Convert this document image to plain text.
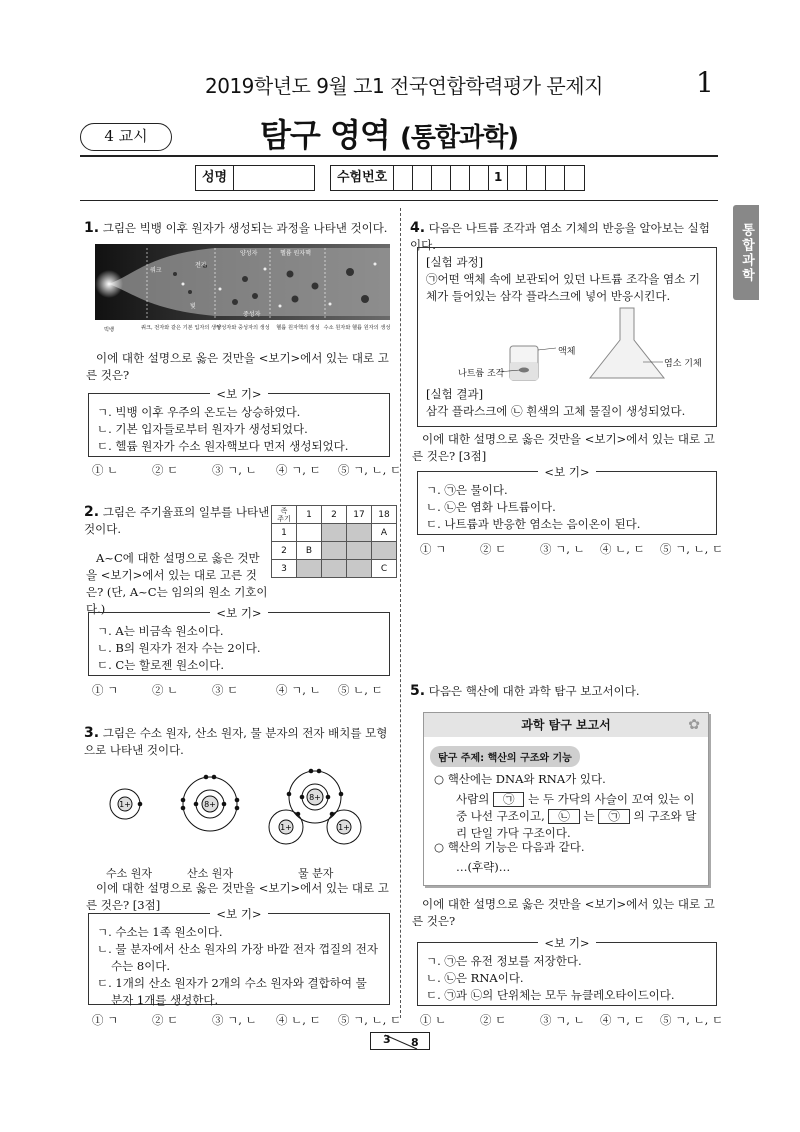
2019학년도 9월 고1 전국연합학력평가 문제지	1
4 교시	탐구 영역 (통합과학)
성명	수험번호	1
통합과학
1. 그림은 빅뱅 이후 원자가 생성되는 과정을 나타낸 것이다.
쿼크
전자
양성자	헬륨 원자핵
빛
중성자
빅뱅	쿼크, 전자와 같은 기본 입자의 생성
양성자와 중성자의 생성 헬륨 원자핵의 생성 수소 원자와 헬륨 원자의 생성
이에 대한 설명으로 옳은 것만을 <보기>에서 있는 대로 고른 것은?
<보 기>
ㄱ. 빅뱅 이후 우주의 온도는 상승하였다.
ㄴ. 기본 입자들로부터 원자가 생성되었다.
ㄷ. 헬륨 원자가 수소 원자핵보다 먼저 생성되었다.
① ㄴ	② ㄷ	③ ㄱ, ㄴ	④ ㄱ, ㄷ	⑤ ㄱ, ㄴ, ㄷ
2. 그림은 주기율표의 일부를 나타낸 것이다.
족
주기	1	2	17	18
1				A
2	B			
3				C
A~C에 대한 설명으로 옳은 것만을 <보기>에서 있는 대로 고른 것은? (단, A~C는 임의의 원소 기호이다.)	<보 기>
ㄱ. A는 비금속 원소이다.
ㄴ. B의 원자가 전자 수는 2이다.
ㄷ. C는 할로젠 원소이다.
① ㄱ	② ㄴ	③ ㄷ	④ ㄱ, ㄴ	⑤ ㄴ, ㄷ
3. 그림은 수소 원자, 산소 원자, 물 분자의 전자 배치를 모형으로 나타낸 것이다.
1+	8+
8+
1+	1+
수소 원자	산소 원자	물 분자
이에 대한 설명으로 옳은 것만을 <보기>에서 있는 대로 고른 것은? [3점]
<보 기>
ㄱ. 수소는 1족 원소이다.
ㄴ. 물 분자에서 산소 원자의 가장 바깥 전자 껍질의 전자 수는 8이다.
ㄷ. 1개의 산소 원자가 2개의 수소 원자와 결합하여 물 분자 1개를 생성한다.
① ㄱ	② ㄷ	③ ㄱ, ㄴ	④ ㄴ, ㄷ	⑤ ㄱ, ㄴ, ㄷ
4. 다음은 나트륨 조각과 염소 기체의 반응을 알아보는 실험이다.
[실험 과정]
㉠어떤 액체 속에 보관되어 있던 나트륨 조각을 염소 기체가 들어있는 삼각 플라스크에 넣어 반응시킨다.
액체
나트륨 조각
염소 기체
[실험 결과]
삼각 플라스크에 ㉡ 흰색의 고체 물질이 생성되었다.
이에 대한 설명으로 옳은 것만을 <보기>에서 있는 대로 고른 것은? [3점]
<보 기>
ㄱ. ㉠은 물이다.
ㄴ. ㉡은 염화 나트륨이다.
ㄷ. 나트륨과 반응한 염소는 음이온이 된다.
① ㄱ	② ㄷ	③ ㄱ, ㄴ	④ ㄴ, ㄷ	⑤ ㄱ, ㄴ, ㄷ
5. 다음은 핵산에 대한 과학 탐구 보고서이다.
과학 탐구 보고서	✿
탐구 주제: 핵산의 구조와 기능
○ 핵산에는 DNA와 RNA가 있다.
사람의 ㉠ 는 두 가닥의 사슬이 꼬여 있는 이중 나선 구조이고, ㉡ 는 ㉠ 의 구조와 달리 단일 가닥 구조이다.
○ 핵산의 기능은 다음과 같다.
…(후략)…
이에 대한 설명으로 옳은 것만을 <보기>에서 있는 대로 고른 것은?
<보 기>
ㄱ. ㉠은 유전 정보를 저장한다.
ㄴ. ㉡은 RNA이다.
ㄷ. ㉠과 ㉡의 단위체는 모두 뉴클레오타이드이다.
① ㄴ	② ㄷ	③ ㄱ, ㄴ	④ ㄱ, ㄷ	⑤ ㄱ, ㄴ, ㄷ
3 8
